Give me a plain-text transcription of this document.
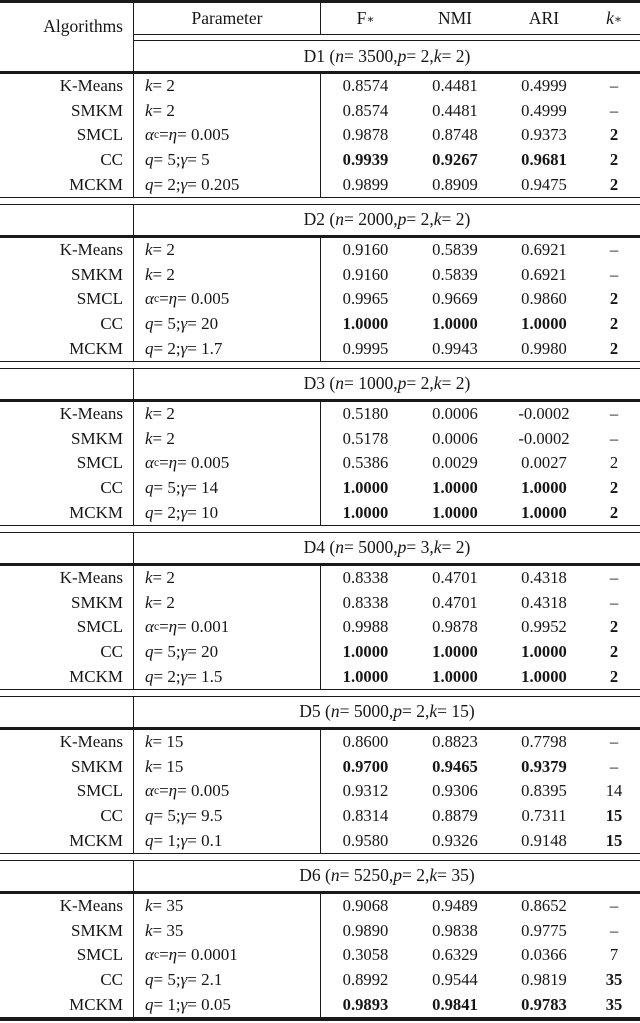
Algorithms	Parameter	F ∗	NMI	ARI	k ∗
D1 ( n = 3500, p = 2, k = 2)
K-Means	k = 2	0.8574	0.4481	0.4999	–
SMKM	k = 2	0.8574	0.4481	0.4999	–
SMCL	α c = η = 0.005	0.9878	0.8748	0.9373	2
CC	q = 5; γ = 5	0.9939	0.9267	0.9681	2
MCKM	q = 2; γ = 0.205	0.9899	0.8909	0.9475	2
D2 ( n = 2000, p = 2, k = 2)
K-Means	k = 2	0.9160	0.5839	0.6921	–
SMKM	k = 2	0.9160	0.5839	0.6921	–
SMCL	α c = η = 0.005	0.9965	0.9669	0.9860	2
CC	q = 5; γ = 20	1.0000	1.0000	1.0000	2
MCKM	q = 2; γ = 1.7	0.9995	0.9943	0.9980	2
D3 ( n = 1000, p = 2, k = 2)
K-Means	k = 2	0.5180	0.0006	-0.0002	–
SMKM	k = 2	0.5178	0.0006	-0.0002	–
SMCL	α c = η = 0.005	0.5386	0.0029	0.0027	2
CC	q = 5; γ = 14	1.0000	1.0000	1.0000	2
MCKM	q = 2; γ = 10	1.0000	1.0000	1.0000	2
D4 ( n = 5000, p = 3, k = 2)
K-Means	k = 2	0.8338	0.4701	0.4318	–
SMKM	k = 2	0.8338	0.4701	0.4318	–
SMCL	α c = η = 0.001	0.9988	0.9878	0.9952	2
CC	q = 5; γ = 20	1.0000	1.0000	1.0000	2
MCKM	q = 2; γ = 1.5	1.0000	1.0000	1.0000	2
D5 ( n = 5000, p = 2, k = 15)
K-Means	k = 15	0.8600	0.8823	0.7798	–
SMKM	k = 15	0.9700	0.9465	0.9379	–
SMCL	α c = η = 0.005	0.9312	0.9306	0.8395	14
CC	q = 5; γ = 9.5	0.8314	0.8879	0.7311	15
MCKM	q = 1; γ = 0.1	0.9580	0.9326	0.9148	15
D6 ( n = 5250, p = 2, k = 35)
K-Means	k = 35	0.9068	0.9489	0.8652	–
SMKM	k = 35	0.9890	0.9838	0.9775	–
SMCL	α c = η = 0.0001	0.3058	0.6329	0.0366	7
CC	q = 5; γ = 2.1	0.8992	0.9544	0.9819	35
MCKM	q = 1; γ = 0.05	0.9893	0.9841	0.9783	35
